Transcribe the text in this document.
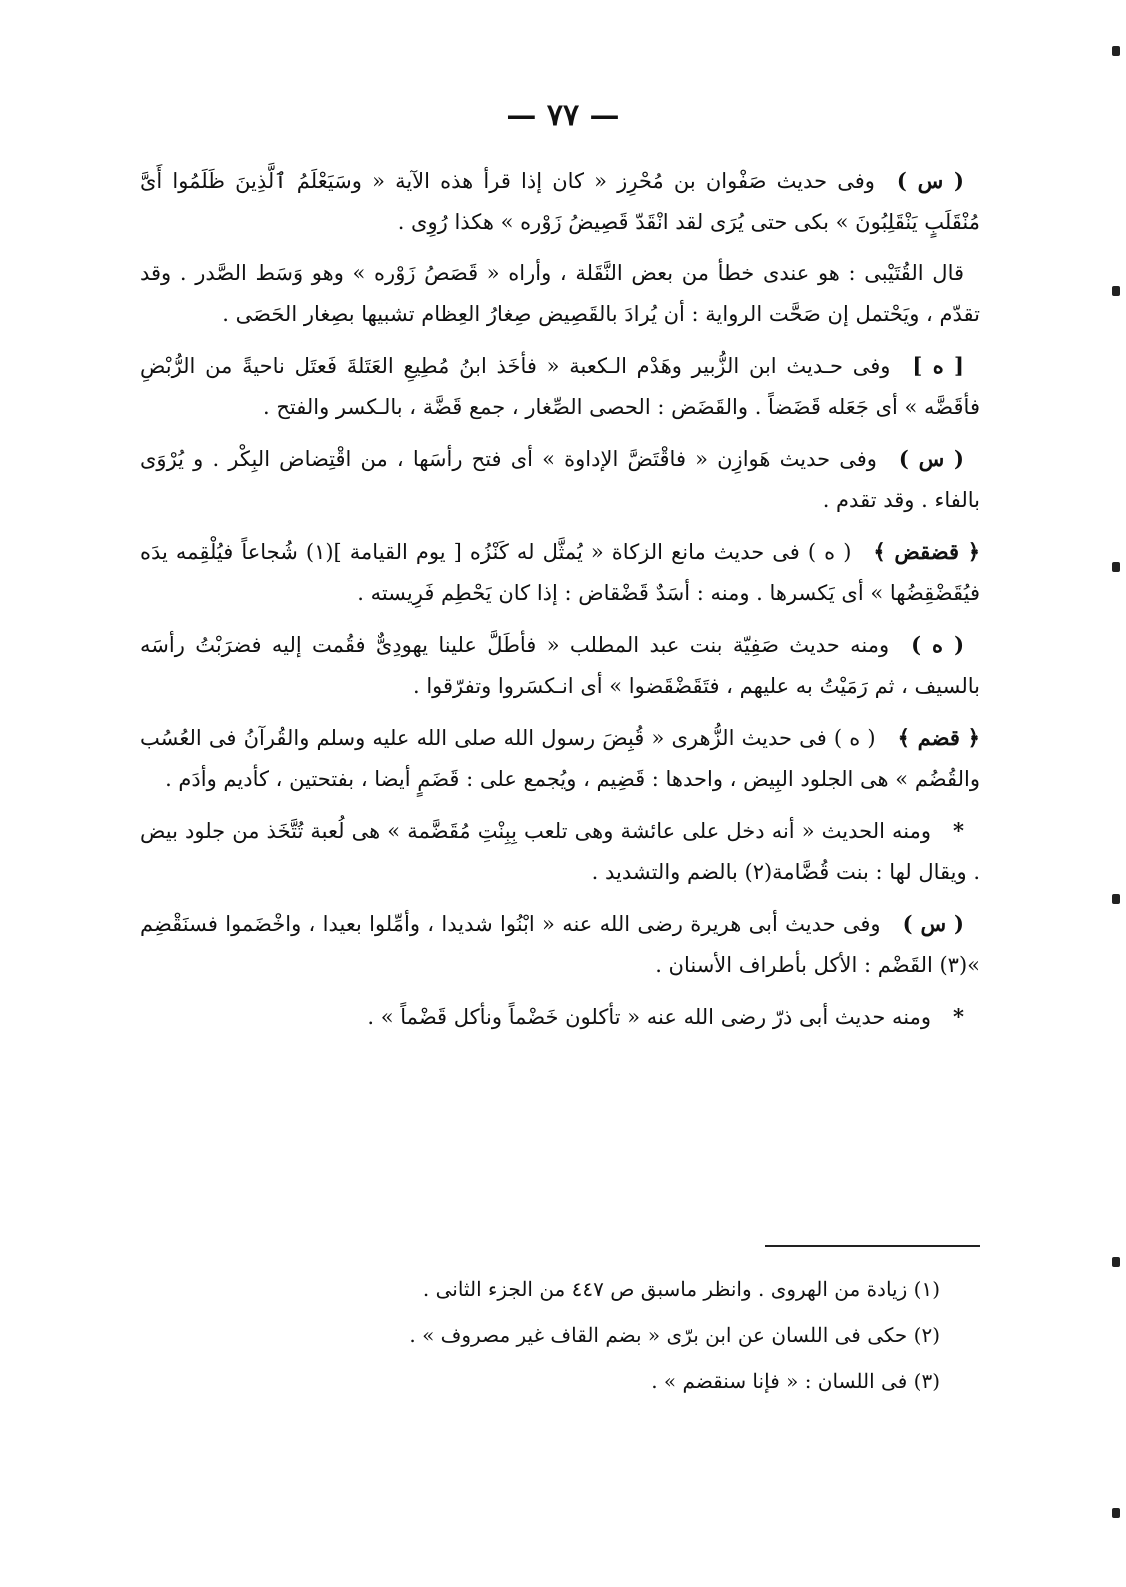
— ٧٧ —

( س )وفى حديث صَفْوان بن مُحْرِز « كان إذا قرأ هذه الآية « وسَيَعْلَمُ ٱلَّذِينَ ظَلَمُوا أَىَّ مُنْقَلَبٍ يَنْقَلِبُونَ » بكى حتى يُرَى لقد انْقَدّ قَصِيضُ زَوْره » هكذا رُوِى .

قال القُتَيْبى : هو عندى خطأ من بعض النَّقَلة ، وأراه « قَصَصُ زَوْره » وهو وَسَط الصَّدر . وقد تقدّم ، ويَحْتمل إن صَحَّت الرواية : أن يُرادَ بالقَصِيض صِغارُ العِظام تشبيها بصِغار الحَصَى .

[ ه ]وفى حـديث ابن الزُّبير وهَدْم الـكعبة « فأخَذ ابنُ مُطِيعِ العَتَلةَ فَعتَل ناحيةً من الرُّبْضِ فأقَضَّه » أى جَعَله قَضَضاً . والقَضَض : الحصى الصِّغار ، جمع قَضَّة ، بالـكسر والفتح .

( س )وفى حديث هَوازِن « فاقْتَضَّ الإداوة » أى فتح رأسَها ، من اقْتِضاض البِكْر . و يُرْوَى بالفاء . وقد تقدم .

﴿ قضقض ﴾( ه ) فى حديث مانع الزكاة « يُمثَّل له كَنْزُه [ يوم القيامة ](١) شُجاعاً فيُلْقِمه يدَه فيُقَضْقِضُها » أى يَكسرها . ومنه : أسَدٌ قَضْقاض : إذا كان يَحْطِم فَرِيسته .

( ه )ومنه حديث صَفِيّة بنت عبد المطلب « فأطَلَّ علينا يهودِىٌّ فقُمت إليه فضرَبْتُ رأسَه بالسيف ، ثم رَمَيْتُ به عليهم ، فتَقَضْقَضوا » أى انـكسَروا وتفرّقوا .

﴿ قضم ﴾( ه ) فى حديث الزُّهرى « قُبِضَ رسول الله صلى الله عليه وسلم والقُرآنُ فى العُسُب والقُضُم » هى الجلود البِيض ، واحدها : قَضِيم ، ويُجمع على : قَضَمٍ أيضا ، بفتحتين ، كأديم وأدَم .

*ومنه الحديث « أنه دخل على عائشة وهى تلعب بِبِنْتِ مُقَضَّمة » هى لُعبة تُتَّخَذ من جلود بيض . ويقال لها : بنت قُضَّامة(٢) بالضم والتشديد .

( س )وفى حديث أبى هريرة رضى الله عنه « ابْنُوا شديدا ، وأمِّلوا بعيدا ، واخْضَموا فسنَقْضِم »(٣) القَضْم : الأكل بأطراف الأسنان .

*ومنه حديث أبى ذرّ رضى الله عنه « تأكلون خَضْماً ونأكل قَضْماً » .

(١) زيادة من الهروى . وانظر ماسبق ص ٤٤٧ من الجزء الثانى .

(٢) حكى فى اللسان عن ابن برّى « بضم القاف غير مصروف » .

(٣) فى اللسان : « فإنا سنقضم » .
